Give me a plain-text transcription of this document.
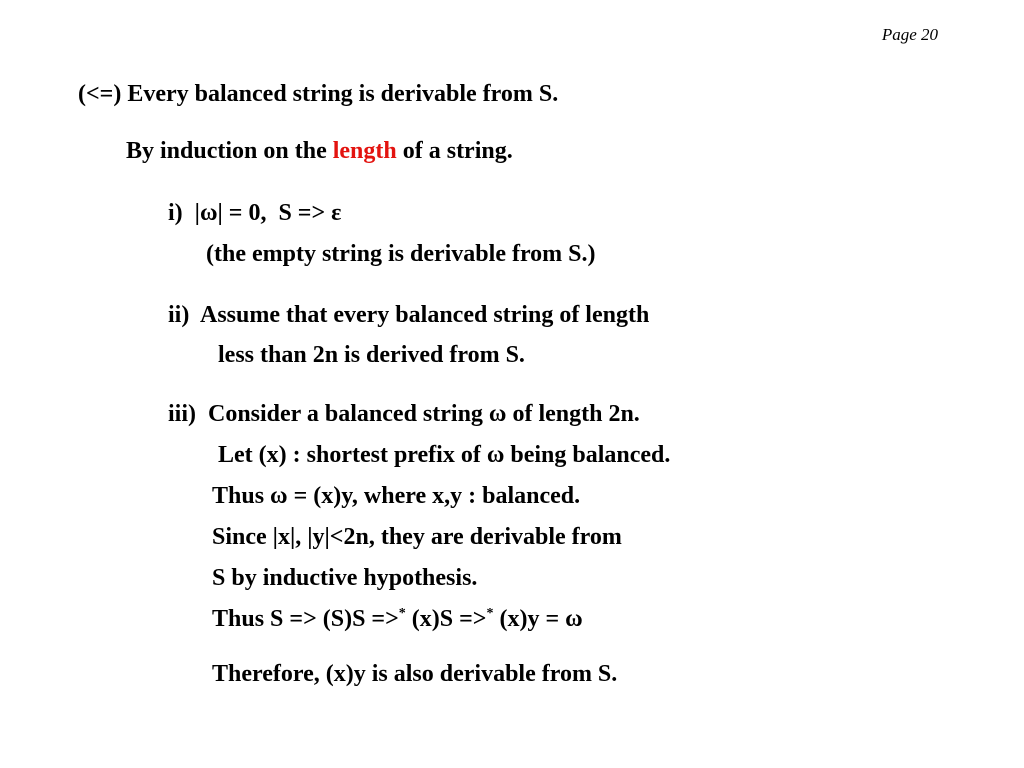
Page 20
(<=) Every balanced string is derivable from S.
By induction on the length of a string.
i)  |ω| = 0,  S => ε
(the empty string is derivable from S.)
ii)  Assume that every balanced string of length
less than 2n is derived from S.
iii)  Consider a balanced string ω of length 2n.
Let (x) : shortest prefix of ω being balanced.
Thus ω = (x)y, where x,y : balanced.
Since |x|, |y|<2n, they are derivable from
S by inductive hypothesis.
Thus S => (S)S =>* (x)S =>* (x)y = ω
Therefore, (x)y is also derivable from S.
